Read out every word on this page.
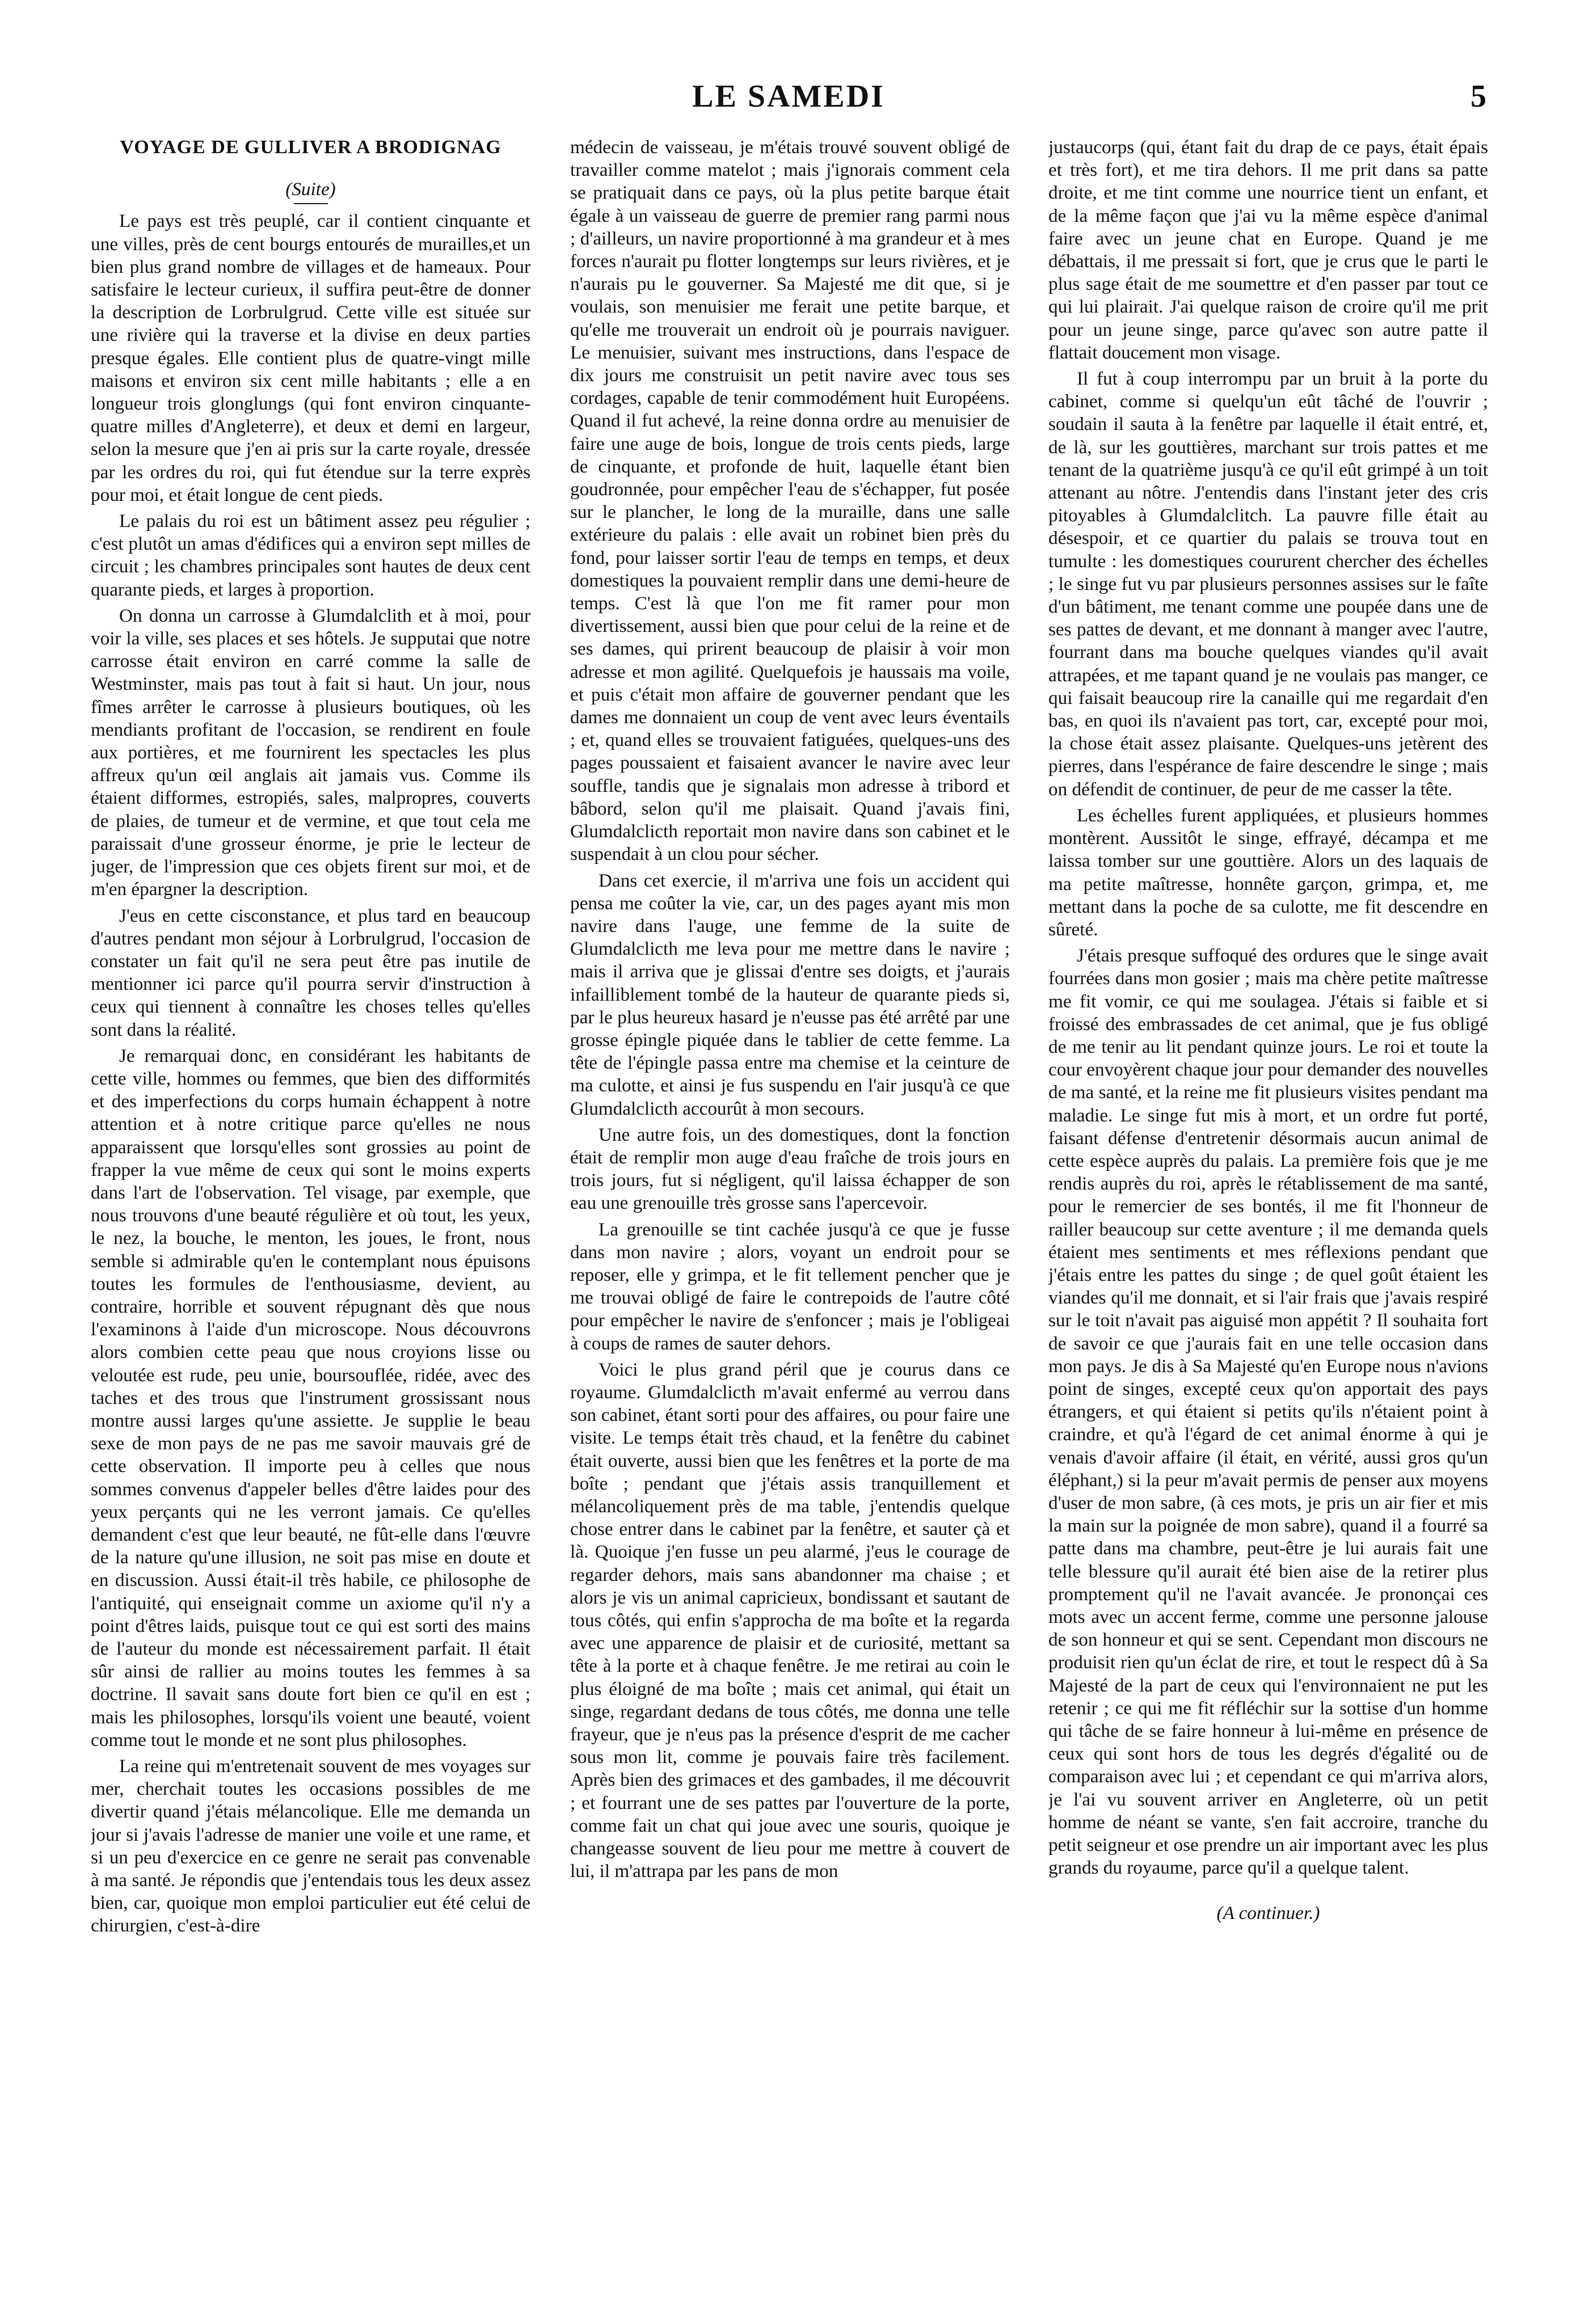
LE SAMEDI	5
VOYAGE DE GULLIVER A BRODIGNAG
(Suite)

Le pays est très peuplé, car il contient cinquante et une villes, près de cent bourgs entourés de murailles,et un bien plus grand nombre de villages et de hameaux. Pour satisfaire le lecteur curieux, il suffira peut-être de donner la description de Lorbrulgrud. Cette ville est située sur une rivière qui la traverse et la divise en deux parties presque égales. Elle contient plus de quatre-vingt mille maisons et environ six cent mille habitants ; elle a en longueur trois glonglungs (qui font environ cinquante-quatre milles d'Angleterre), et deux et demi en largeur, selon la mesure que j'en ai pris sur la carte royale, dressée par les ordres du roi, qui fut étendue sur la terre exprès pour moi, et était longue de cent pieds.

Le palais du roi est un bâtiment assez peu régulier ; c'est plutôt un amas d'édifices qui a environ sept milles de circuit ; les chambres principales sont hautes de deux cent quarante pieds, et larges à proportion.

On donna un carrosse à Glumdalclith et à moi, pour voir la ville, ses places et ses hôtels. Je supputai que notre carrosse était environ en carré comme la salle de Westminster, mais pas tout à fait si haut. Un jour, nous fîmes arrêter le carrosse à plusieurs boutiques, où les mendiants profitant de l'occasion, se rendirent en foule aux portières, et me fournirent les spectacles les plus affreux qu'un œil anglais ait jamais vus. Comme ils étaient difformes, estropiés, sales, malpropres, couverts de plaies, de tumeur et de vermine, et que tout cela me paraissait d'une grosseur énorme, je prie le lecteur de juger, de l'impression que ces objets firent sur moi, et de m'en épargner la description.

J'eus en cette cisconstance, et plus tard en beaucoup d'autres pendant mon séjour à Lorbrulgrud, l'occasion de constater un fait qu'il ne sera peut être pas inutile de mentionner ici parce qu'il pourra servir d'instruction à ceux qui tiennent à connaître les choses telles qu'elles sont dans la réalité.

Je remarquai donc, en considérant les habitants de cette ville, hommes ou femmes, que bien des difformités et des imperfections du corps humain échappent à notre attention et à notre critique parce qu'elles ne nous apparaissent que lorsqu'elles sont grossies au point de frapper la vue même de ceux qui sont le moins experts dans l'art de l'observation. Tel visage, par exemple, que nous trouvons d'une beauté régulière et où tout, les yeux, le nez, la bouche, le menton, les joues, le front, nous semble si admirable qu'en le contemplant nous épuisons toutes les formules de l'enthousiasme, devient, au contraire, horrible et souvent répugnant dès que nous l'examinons à l'aide d'un microscope. Nous découvrons alors combien cette peau que nous croyions lisse ou veloutée est rude, peu unie, boursouflée, ridée, avec des taches et des trous que l'instrument grossissant nous montre aussi larges qu'une assiette. Je supplie le beau sexe de mon pays de ne pas me savoir mauvais gré de cette observation. Il importe peu à celles que nous sommes convenus d'appeler belles d'être laides pour des yeux perçants qui ne les verront jamais. Ce qu'elles demandent c'est que leur beauté, ne fût-elle dans l'œuvre de la nature qu'une illusion, ne soit pas mise en doute et en discussion. Aussi était-il très habile, ce philosophe de l'antiquité, qui enseignait comme un axiome qu'il n'y a point d'êtres laids, puisque tout ce qui est sorti des mains de l'auteur du monde est nécessairement parfait. Il était sûr ainsi de rallier au moins toutes les femmes à sa doctrine. Il savait sans doute fort bien ce qu'il en est ; mais les philosophes, lorsqu'ils voient une beauté, voient comme tout le monde et ne sont plus philosophes.

La reine qui m'entretenait souvent de mes voyages sur mer, cherchait toutes les occasions possibles de me divertir quand j'étais mélancolique. Elle me demanda un jour si j'avais l'adresse de manier une voile et une rame, et si un peu d'exercice en ce genre ne serait pas convenable à ma santé. Je répondis que j'entendais tous les deux assez bien, car, quoique mon emploi particulier eut été celui de chirurgien, c'est-à-dire

médecin de vaisseau, je m'étais trouvé souvent obligé de travailler comme matelot ; mais j'ignorais comment cela se pratiquait dans ce pays, où la plus petite barque était égale à un vaisseau de guerre de premier rang parmi nous ; d'ailleurs, un navire proportionné à ma grandeur et à mes forces n'aurait pu flotter longtemps sur leurs rivières, et je n'aurais pu le gouverner. Sa Majesté me dit que, si je voulais, son menuisier me ferait une petite barque, et qu'elle me trouverait un endroit où je pourrais naviguer. Le menuisier, suivant mes instructions, dans l'espace de dix jours me construisit un petit navire avec tous ses cordages, capable de tenir commodément huit Européens. Quand il fut achevé, la reine donna ordre au menuisier de faire une auge de bois, longue de trois cents pieds, large de cinquante, et profonde de huit, laquelle étant bien goudronnée, pour empêcher l'eau de s'échapper, fut posée sur le plancher, le long de la muraille, dans une salle extérieure du palais : elle avait un robinet bien près du fond, pour laisser sortir l'eau de temps en temps, et deux domestiques la pouvaient remplir dans une demi-heure de temps. C'est là que l'on me fit ramer pour mon divertissement, aussi bien que pour celui de la reine et de ses dames, qui prirent beaucoup de plaisir à voir mon adresse et mon agilité. Quelquefois je haussais ma voile, et puis c'était mon affaire de gouverner pendant que les dames me donnaient un coup de vent avec leurs éventails ; et, quand elles se trouvaient fatiguées, quelques-uns des pages poussaient et faisaient avancer le navire avec leur souffle, tandis que je signalais mon adresse à tribord et bâbord, selon qu'il me plaisait. Quand j'avais fini, Glumdalclicth reportait mon navire dans son cabinet et le suspendait à un clou pour sécher.

Dans cet exercie, il m'arriva une fois un accident qui pensa me coûter la vie, car, un des pages ayant mis mon navire dans l'auge, une femme de la suite de Glumdalclicth me leva pour me mettre dans le navire ; mais il arriva que je glissai d'entre ses doigts, et j'aurais infailliblement tombé de la hauteur de quarante pieds si, par le plus heureux hasard je n'eusse pas été arrêté par une grosse épingle piquée dans le tablier de cette femme. La tête de l'épingle passa entre ma chemise et la ceinture de ma culotte, et ainsi je fus suspendu en l'air jusqu'à ce que Glumdalclicth accourût à mon secours.

Une autre fois, un des domestiques, dont la fonction était de remplir mon auge d'eau fraîche de trois jours en trois jours, fut si négligent, qu'il laissa échapper de son eau une grenouille très grosse sans l'apercevoir.

La grenouille se tint cachée jusqu'à ce que je fusse dans mon navire ; alors, voyant un endroit pour se reposer, elle y grimpa, et le fit tellement pencher que je me trouvai obligé de faire le contrepoids de l'autre côté pour empêcher le navire de s'enfoncer ; mais je l'obligeai à coups de rames de sauter dehors.

Voici le plus grand péril que je courus dans ce royaume. Glumdalclicth m'avait enfermé au verrou dans son cabinet, étant sorti pour des affaires, ou pour faire une visite. Le temps était très chaud, et la fenêtre du cabinet était ouverte, aussi bien que les fenêtres et la porte de ma boîte ; pendant que j'étais assis tranquillement et mélancoliquement près de ma table, j'entendis quelque chose entrer dans le cabinet par la fenêtre, et sauter çà et là. Quoique j'en fusse un peu alarmé, j'eus le courage de regarder dehors, mais sans abandonner ma chaise ; et alors je vis un animal capricieux, bondissant et sautant de tous côtés, qui enfin s'approcha de ma boîte et la regarda avec une apparence de plaisir et de curiosité, mettant sa tête à la porte et à chaque fenêtre. Je me retirai au coin le plus éloigné de ma boîte ; mais cet animal, qui était un singe, regardant dedans de tous côtés, me donna une telle frayeur, que je n'eus pas la présence d'esprit de me cacher sous mon lit, comme je pouvais faire très facilement. Après bien des grimaces et des gambades, il me découvrit ; et fourrant une de ses pattes par l'ouverture de la porte, comme fait un chat qui joue avec une souris, quoique je changeasse souvent de lieu pour me mettre à couvert de lui, il m'attrapa par les pans de mon

justaucorps (qui, étant fait du drap de ce pays, était épais et très fort), et me tira dehors. Il me prit dans sa patte droite, et me tint comme une nourrice tient un enfant, et de la même façon que j'ai vu la même espèce d'animal faire avec un jeune chat en Europe. Quand je me débattais, il me pressait si fort, que je crus que le parti le plus sage était de me soumettre et d'en passer par tout ce qui lui plairait. J'ai quelque raison de croire qu'il me prit pour un jeune singe, parce qu'avec son autre patte il flattait doucement mon visage.

Il fut à coup interrompu par un bruit à la porte du cabinet, comme si quelqu'un eût tâché de l'ouvrir ; soudain il sauta à la fenêtre par laquelle il était entré, et, de là, sur les gouttières, marchant sur trois pattes et me tenant de la quatrième jusqu'à ce qu'il eût grimpé à un toit attenant au nôtre. J'entendis dans l'instant jeter des cris pitoyables à Glumdalclitch. La pauvre fille était au désespoir, et ce quartier du palais se trouva tout en tumulte : les domestiques coururent chercher des échelles ; le singe fut vu par plusieurs personnes assises sur le faîte d'un bâtiment, me tenant comme une poupée dans une de ses pattes de devant, et me donnant à manger avec l'autre, fourrant dans ma bouche quelques viandes qu'il avait attrapées, et me tapant quand je ne voulais pas manger, ce qui faisait beaucoup rire la canaille qui me regardait d'en bas, en quoi ils n'avaient pas tort, car, excepté pour moi, la chose était assez plaisante. Quelques-uns jetèrent des pierres, dans l'espérance de faire descendre le singe ; mais on défendit de continuer, de peur de me casser la tête.

Les échelles furent appliquées, et plusieurs hommes montèrent. Aussitôt le singe, effrayé, décampa et me laissa tomber sur une gouttière. Alors un des laquais de ma petite maîtresse, honnête garçon, grimpa, et, me mettant dans la poche de sa culotte, me fit descendre en sûreté.

J'étais presque suffoqué des ordures que le singe avait fourrées dans mon gosier ; mais ma chère petite maîtresse me fit vomir, ce qui me soulagea. J'étais si faible et si froissé des embrassades de cet animal, que je fus obligé de me tenir au lit pendant quinze jours. Le roi et toute la cour envoyèrent chaque jour pour demander des nouvelles de ma santé, et la reine me fit plusieurs visites pendant ma maladie. Le singe fut mis à mort, et un ordre fut porté, faisant défense d'entretenir désormais aucun animal de cette espèce auprès du palais. La première fois que je me rendis auprès du roi, après le rétablissement de ma santé, pour le remercier de ses bontés, il me fit l'honneur de railler beaucoup sur cette aventure ; il me demanda quels étaient mes sentiments et mes réflexions pendant que j'étais entre les pattes du singe ; de quel goût étaient les viandes qu'il me donnait, et si l'air frais que j'avais respiré sur le toit n'avait pas aiguisé mon appétit ? Il souhaita fort de savoir ce que j'aurais fait en une telle occasion dans mon pays. Je dis à Sa Majesté qu'en Europe nous n'avions point de singes, excepté ceux qu'on apportait des pays étrangers, et qui étaient si petits qu'ils n'étaient point à craindre, et qu'à l'égard de cet animal énorme à qui je venais d'avoir affaire (il était, en vérité, aussi gros qu'un éléphant,) si la peur m'avait permis de penser aux moyens d'user de mon sabre, (à ces mots, je pris un air fier et mis la main sur la poignée de mon sabre), quand il a fourré sa patte dans ma chambre, peut-être je lui aurais fait une telle blessure qu'il aurait été bien aise de la retirer plus promptement qu'il ne l'avait avancée. Je prononçai ces mots avec un accent ferme, comme une personne jalouse de son honneur et qui se sent. Cependant mon discours ne produisit rien qu'un éclat de rire, et tout le respect dû à Sa Majesté de la part de ceux qui l'environnaient ne put les retenir ; ce qui me fit réfléchir sur la sottise d'un homme qui tâche de se faire honneur à lui-même en présence de ceux qui sont hors de tous les degrés d'égalité ou de comparaison avec lui ; et cependant ce qui m'arriva alors, je l'ai vu souvent arriver en Angleterre, où un petit homme de néant se vante, s'en fait accroire, tranche du petit seigneur et ose prendre un air important avec les plus grands du royaume, parce qu'il a quelque talent.

(A continuer.)
